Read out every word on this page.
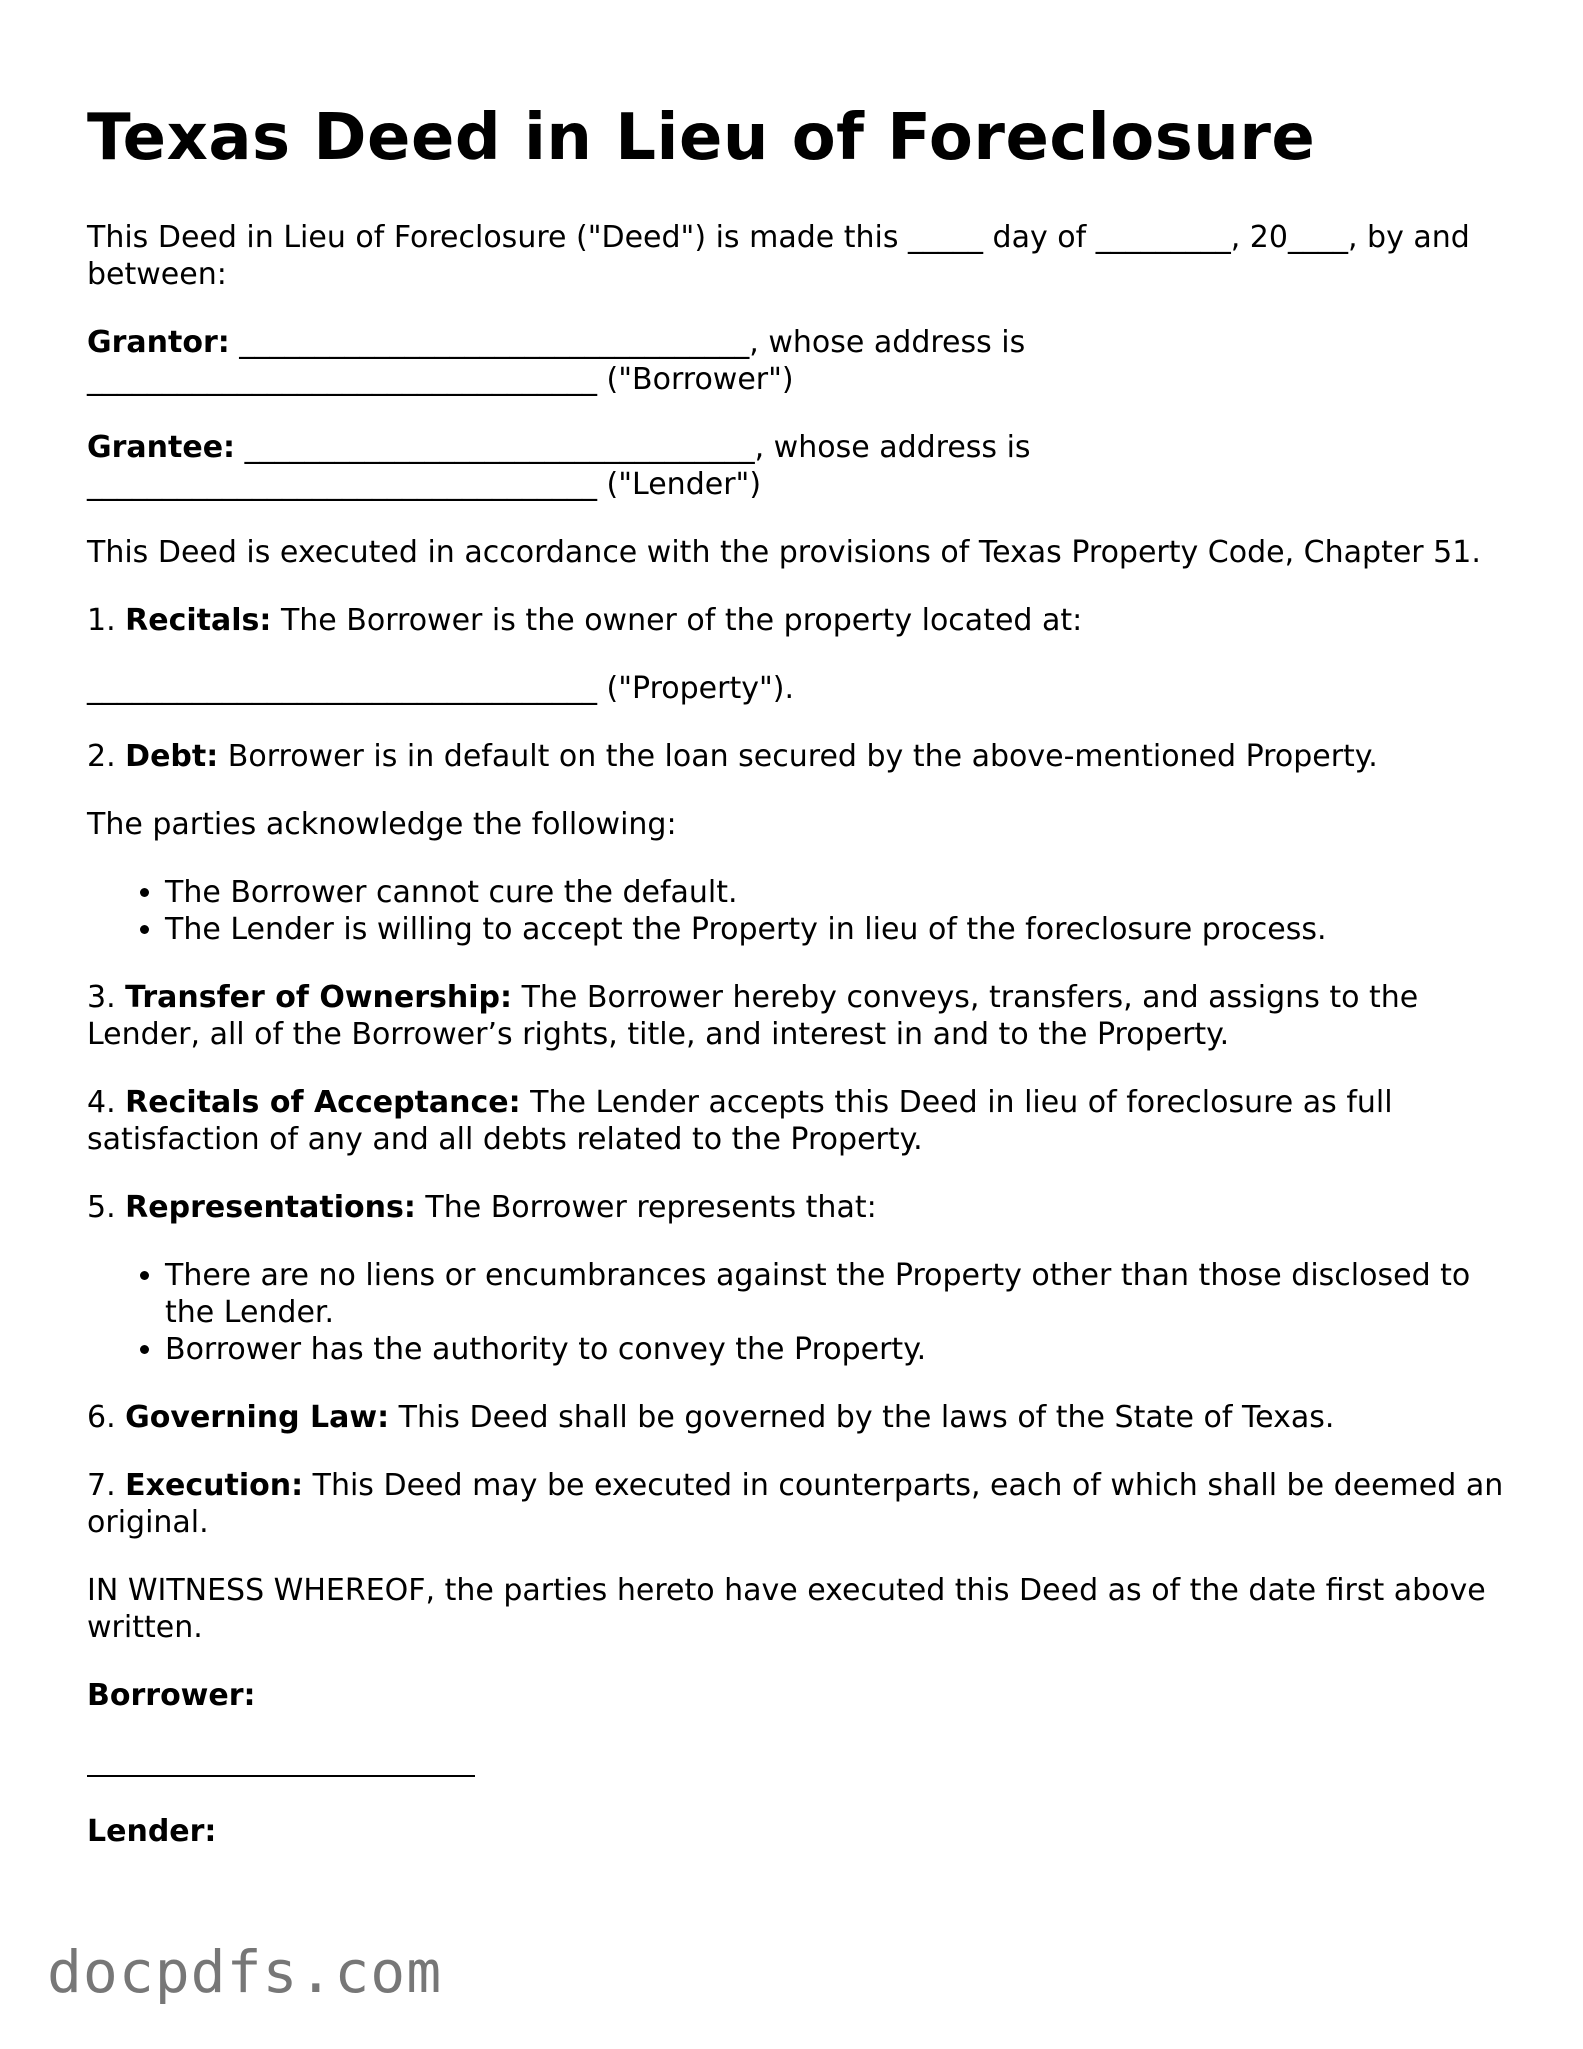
Texas Deed in Lieu of Foreclosure

This Deed in Lieu of Foreclosure ("Deed") is made this _____ day of _________, 20____, by and between:

Grantor: __________________________________, whose address is __________________________________ ("Borrower")

Grantee: __________________________________, whose address is __________________________________ ("Lender")

This Deed is executed in accordance with the provisions of Texas Property Code, Chapter 51.

1. Recitals: The Borrower is the owner of the property located at:

__________________________________ ("Property").

2. Debt: Borrower is in default on the loan secured by the above-mentioned Property.

The parties acknowledge the following:

• The Borrower cannot cure the default.
• The Lender is willing to accept the Property in lieu of the foreclosure process.

3. Transfer of Ownership: The Borrower hereby conveys, transfers, and assigns to the Lender, all of the Borrower’s rights, title, and interest in and to the Property.

4. Recitals of Acceptance: The Lender accepts this Deed in lieu of foreclosure as full satisfaction of any and all debts related to the Property.

5. Representations: The Borrower represents that:

• There are no liens or encumbrances against the Property other than those disclosed to the Lender.
• Borrower has the authority to convey the Property.

6. Governing Law: This Deed shall be governed by the laws of the State of Texas.

7. Execution: This Deed may be executed in counterparts, each of which shall be deemed an original.

IN WITNESS WHEREOF, the parties hereto have executed this Deed as of the date first above written.

Borrower:

Lender:

docpdfs.com
